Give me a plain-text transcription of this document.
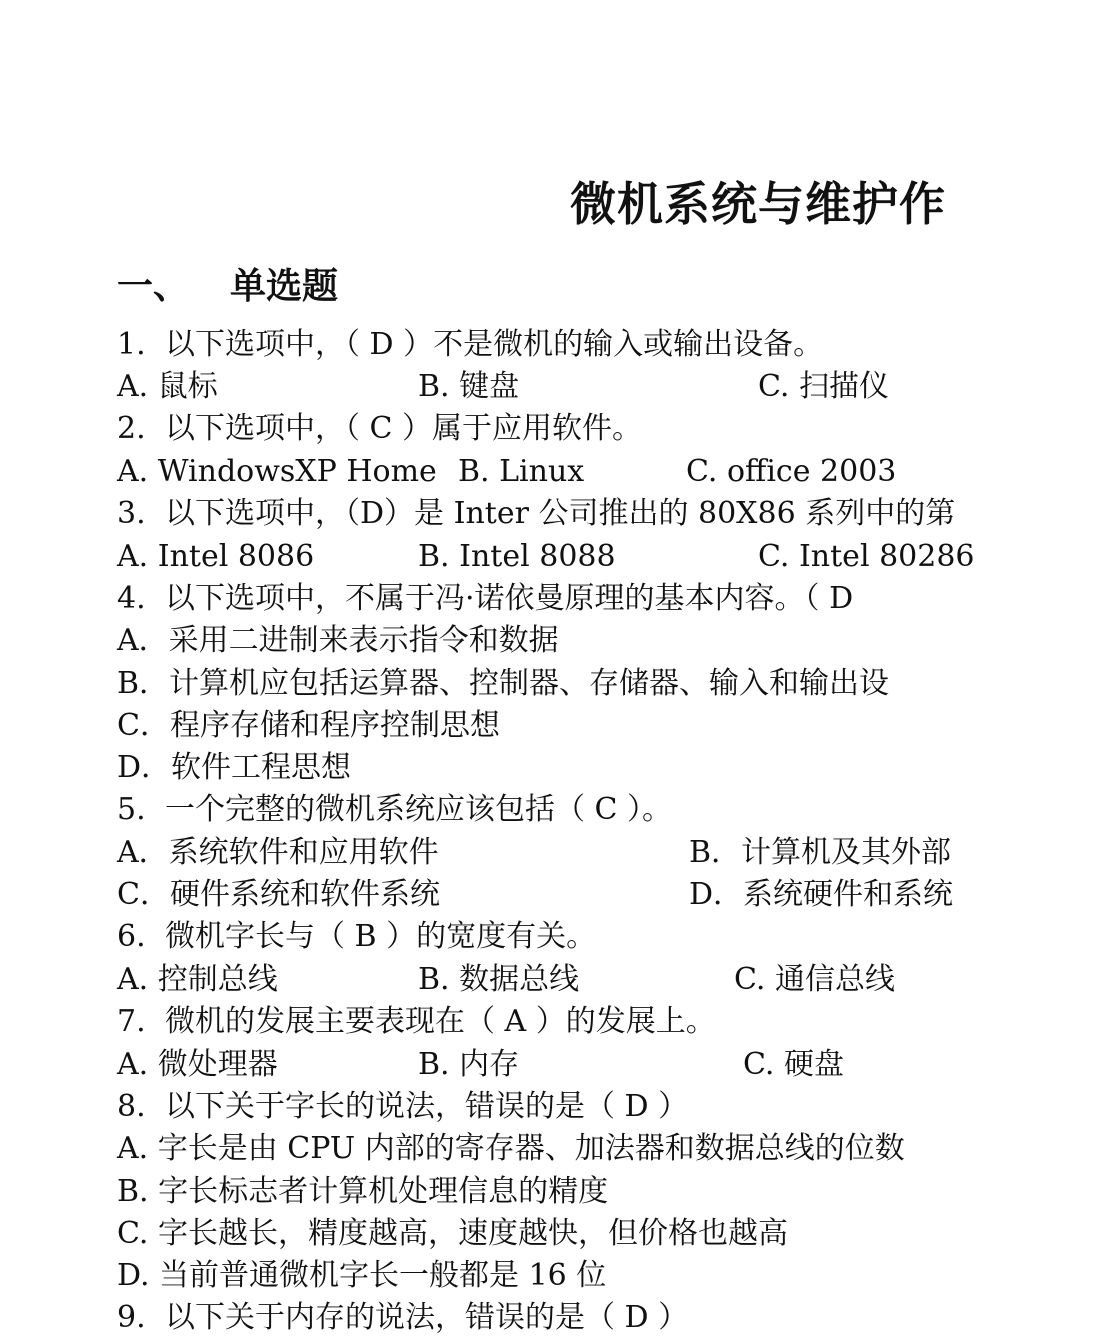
微机系统与维护作
一、 单选题
1. 以下选项中，（ D ）不是微机的输入或输出设备。
A. 鼠标	B. 键盘	C. 扫描仪
2. 以下选项中，（ C ）属于应用软件。
A. WindowsXP Home B. Linux	C. office 2003
3. 以下选项中，（D）是 Inter 公司推出的 80X86 系列中的第
A. Intel 8086	B. Intel 8088	C. Intel 80286
4. 以下选项中，不属于冯·诺依曼原理的基本内容。（ D
A．采用二进制来表示指令和数据
B．计算机应包括运算器、控制器、存储器、输入和输出设
C．程序存储和程序控制思想
D．软件工程思想
5. 一个完整的微机系统应该包括（ C ）。
A．系统软件和应用软件	B．计算机及其外部
C．硬件系统和软件系统	D．系统硬件和系统
6. 微机字长与（ B ）的宽度有关。
A. 控制总线	B. 数据总线	C. 通信总线
7. 微机的发展主要表现在（ A ）的发展上。
A. 微处理器	B. 内存	C. 硬盘
8. 以下关于字长的说法，错误的是（ D ）
A. 字长是由 CPU 内部的寄存器、加法器和数据总线的位数
B. 字长标志者计算机处理信息的精度
C. 字长越长，精度越高，速度越快，但价格也越高
D. 当前普通微机字长一般都是 16 位
9. 以下关于内存的说法，错误的是（ D ）
